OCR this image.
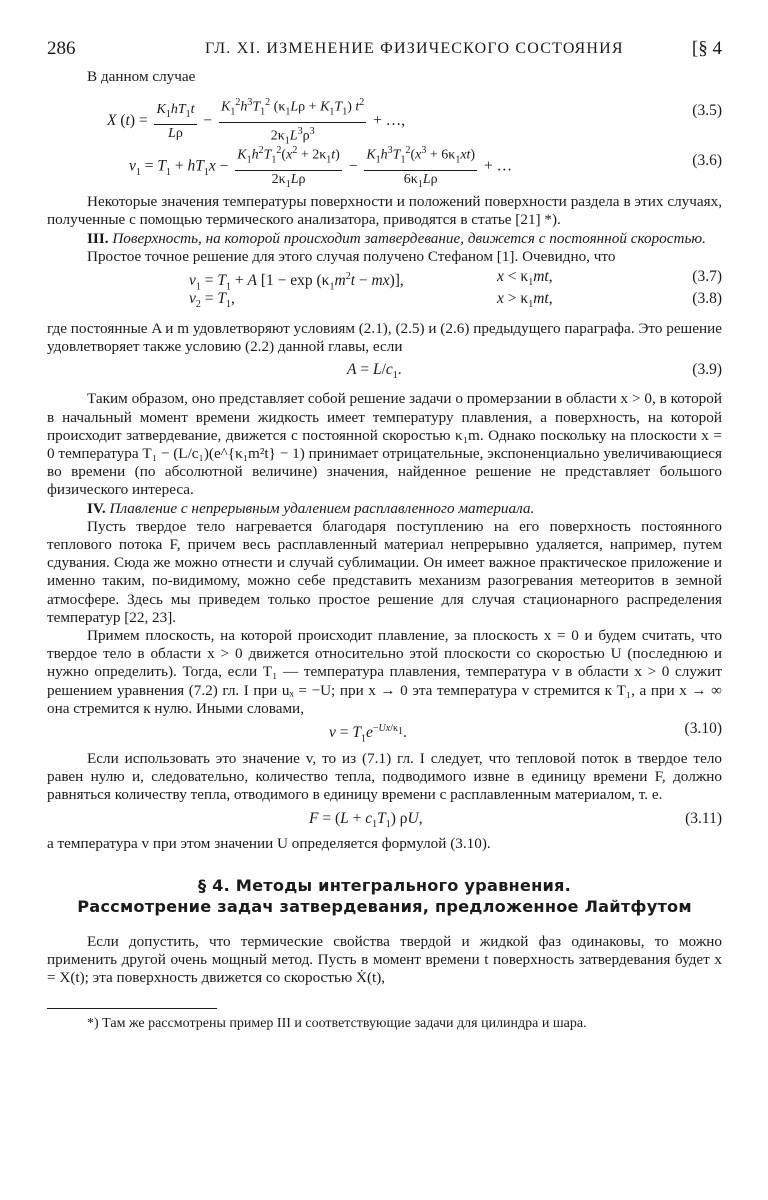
286	ГЛ. XI. ИЗМЕНЕНИЕ ФИЗИЧЕСКОГО СОСТОЯНИЯ	[§ 4

В данном случае

X $(t) = \frac{K_1hT_1t}{L\rho} - \frac{K_1^2h^3T_1^2 (\kappa_1L\rho + K_1T_1) t^2}{2\kappa_1L^3\rho^3}$ + …,
(3.5)
$v_1 = T_1 + hT_1x - \frac{K_1h^2T_1^2(x^2 + 2\kappa_1t)}{2\kappa_1L\rho} - \frac{K_1h^3T_1^2(x^3 + 6\kappa_1xt)}{6\kappa_1L\rho}$ + …	(3.6)

Некоторые значения температуры поверхности и положений поверхности раздела в этих случаях, полученные с помощью термического анализатора, приводятся в статье [21] *).

III. Поверхность, на которой происходит затвердевание, движется с постоянной скоростью.

Простое точное решение для этого случая получено Стефаном [1]. Очевидно, что

$v_1 = T_1 + A$ $[1 - \exp (\kappa_1m^2t - mx)]$,	$x < \kappa_1mt$,	(3.7)
$v_2 = T_1$,	$x > \kappa_1mt$,	(3.8)

где постоянные A и m удовлетворяют условиям (2.1), (2.5) и (2.6) предыдущего параграфа. Это решение удовлетворяет также условию (2.2) данной главы, если

$A = L/c_1$.	(3.9)

Таким образом, оно представляет собой решение задачи о промерзании в области x > 0, в которой в начальный момент времени жидкость имеет температуру плавления, а поверхность, на которой происходит затвердевание, движется с постоянной скоростью κ₁m. Однако поскольку на плоскости x = 0 температура T₁ − (L/c₁)(e^{κ₁m²t} − 1) принимает отрицательные, экспоненциально увеличивающиеся во времени (по абсолютной величине) значения, найденное решение не представляет большого физического интереса.

IV. Плавление с непрерывным удалением расплавленного материала.

Пусть твердое тело нагревается благодаря поступлению на его поверхность постоянного теплового потока F, причем весь расплавленный материал непрерывно удаляется, например, путем сдувания. Сюда же можно отнести и случай сублимации. Он имеет важное практическое приложение и именно таким, по-видимому, можно себе представить механизм разогревания метеоритов в земной атмосфере. Здесь мы приведем только простое решение для случая стационарного распределения температур [22, 23].

Примем плоскость, на которой происходит плавление, за плоскость x = 0 и будем считать, что твердое тело в области x > 0 движется относительно этой плоскости со скоростью U (последнюю и нужно определить). Тогда, если T₁ — температура плавления, температура v в области x > 0 служит решением уравнения (7.2) гл. I при uₓ = −U; при x → 0 эта температура v стремится к T₁, а при x → ∞ она стремится к нулю. Иными словами,

$v = T_1e^{-Ux/\kappa_1}$.	(3.10)

Если использовать это значение v, то из (7.1) гл. I следует, что тепловой поток в твердое тело равен нулю и, следовательно, количество тепла, подводимого извне в единицу времени F, должно равняться количеству тепла, отводимого в единицу времени с расплавленным материалом, т. е.

$F = (L + c_1T_1)$ ρU,	(3.11)

а температура v при этом значении U определяется формулой (3.10).

§ 4. Методы интегрального уравнения.
Рассмотрение задач затвердевания, предложенное Лайтфутом

Если допустить, что термические свойства твердой и жидкой фаз одинаковы, то можно применить другой очень мощный метод. Пусть в момент времени t поверхность затвердевания будет x = X(t); эта поверхность движется со скоростью Ẋ(t),

*) Там же рассмотрены пример III и соответствующие задачи для цилиндра и шара.
